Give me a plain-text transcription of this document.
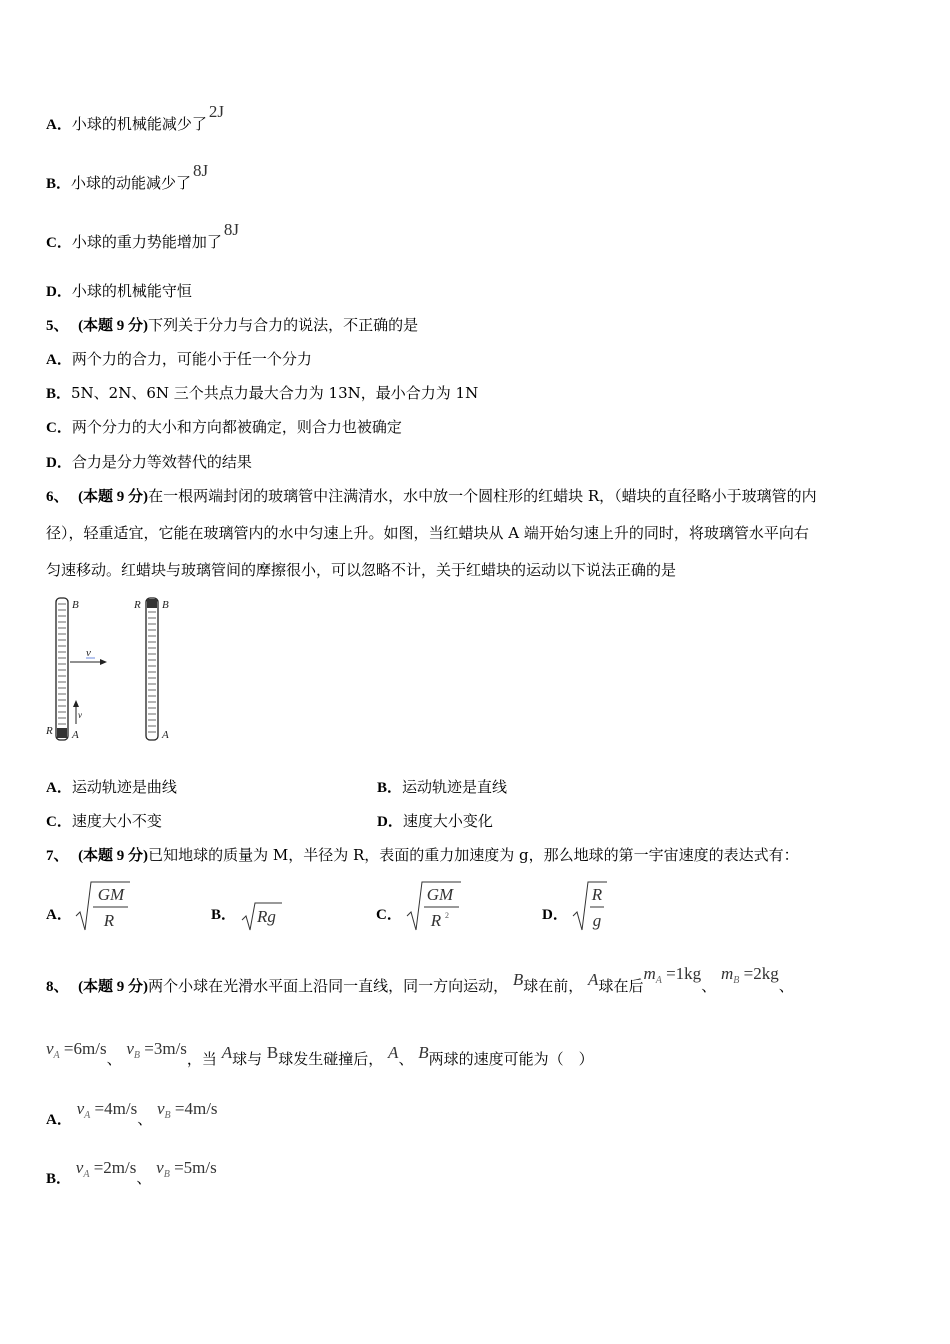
A．小球的机械能减少了2J
B．小球的动能减少了8J
C．小球的重力势能增加了8J
D．小球的机械能守恒
5、 (本题 9 分)下列关于分力与合力的说法，不正确的是
A．两个力的合力，可能小于任一个分力
B．5N、2N、6N 三个共点力最大合力为 13N，最小合力为 1N
C．两个分力的大小和方向都被确定，则合力也被确定
D．合力是分力等效替代的结果
6、 (本题 9 分)在一根两端封闭的玻璃管中注满清水，水中放一个圆柱形的红蜡块 R，（蜡块的直径略小于玻璃管的内
径），轻重适宜，它能在玻璃管内的水中匀速上升。如图，当红蜡块从 A 端开始匀速上升的同时，将玻璃管水平向右
匀速移动。红蜡块与玻璃管间的摩擦很小，可以忽略不计，关于红蜡块的运动以下说法正确的是
B
A
R
v
v
B
A
R
A．运动轨迹是曲线	B．运动轨迹是直线
C．速度大小不变	D．速度大小变化
7、 (本题 9 分)已知地球的质量为 M，半径为 R，表面的重力加速度为 g，那么地球的第一宇宙速度的表达式有：
A．
GM
R	B． Rg	C．
GM
R 2	D．
R
g
8、 (本题 9 分)两个小球在光滑水平面上沿同一直线，同一方向运动， B球在前， A球在后$m_A =1kg$、 $m_B =2kg$、
$v_A =6m/s$、 $v_B =3m/s$，当 A球与 B球发生碰撞后， A、 B两球的速度可能为（　）
A． $v_A =4m/s$、 $v_B =4m/s$
B． $v_A =2m/s$、 $v_B =5m/s$
